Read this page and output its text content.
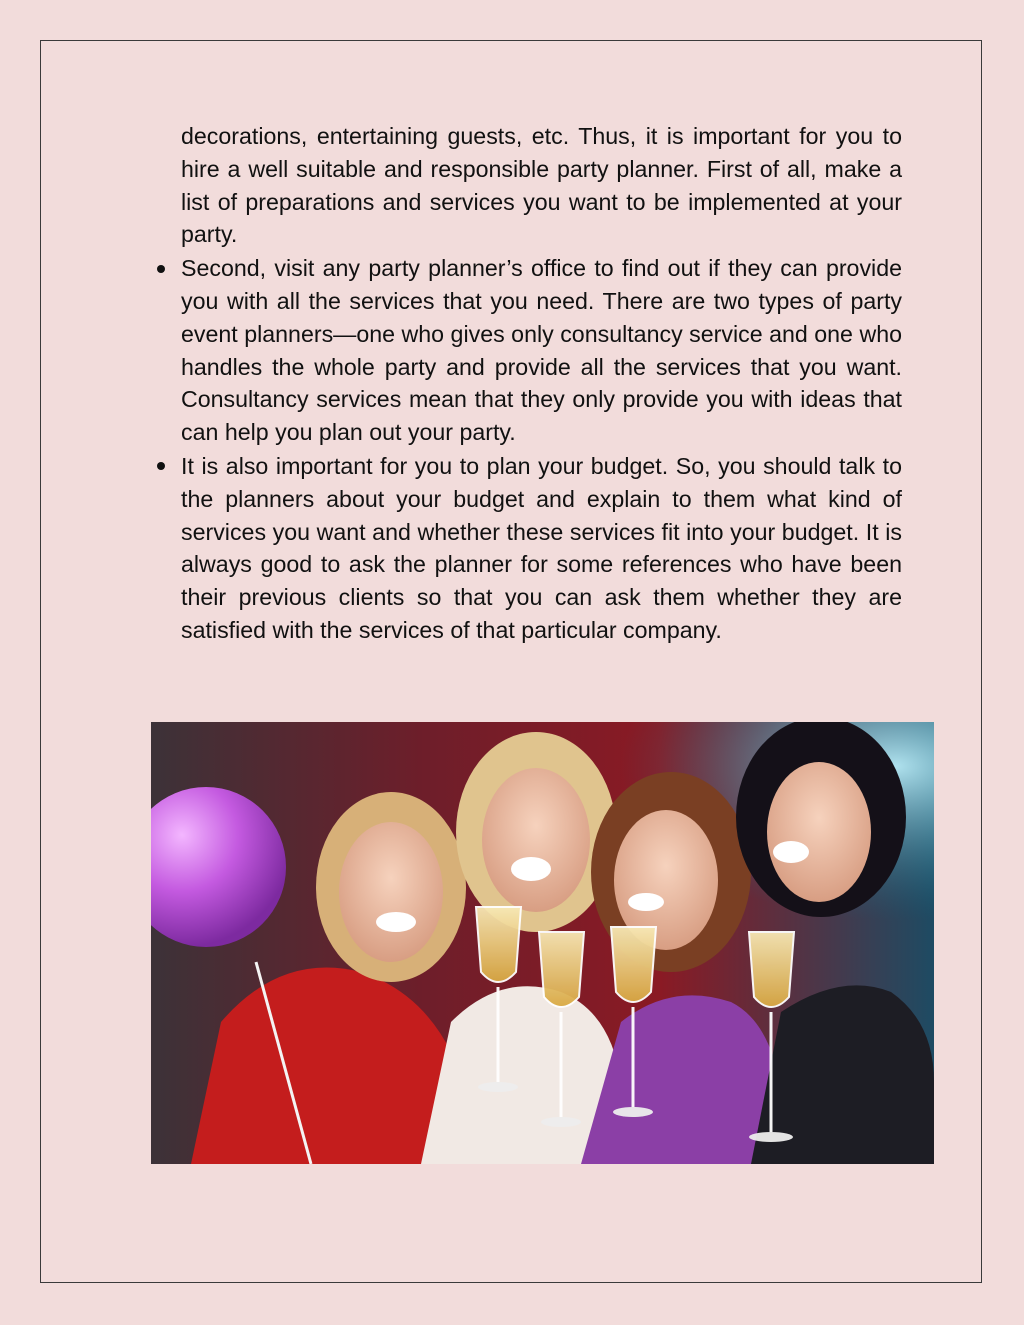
decorations, entertaining guests, etc. Thus, it is important for you to hire a well suitable and responsible party planner. First of all, make a list of preparations and services you want to be implemented at your party.

Second, visit any party planner’s office to find out if they can provide you with all the services that you need. There are two types of party event planners—one who gives only consultancy service and one who handles the whole party and provide all the services that you want. Consultancy services mean that they only provide you with ideas that can help you plan out your party.

It is also important for you to plan your budget. So, you should talk to the planners about your budget and explain to them what kind of services you want and whether these services fit into your budget. It is always good to ask the planner for some references who have been their previous clients so that you can ask them whether they are satisfied with the services of that particular company.
